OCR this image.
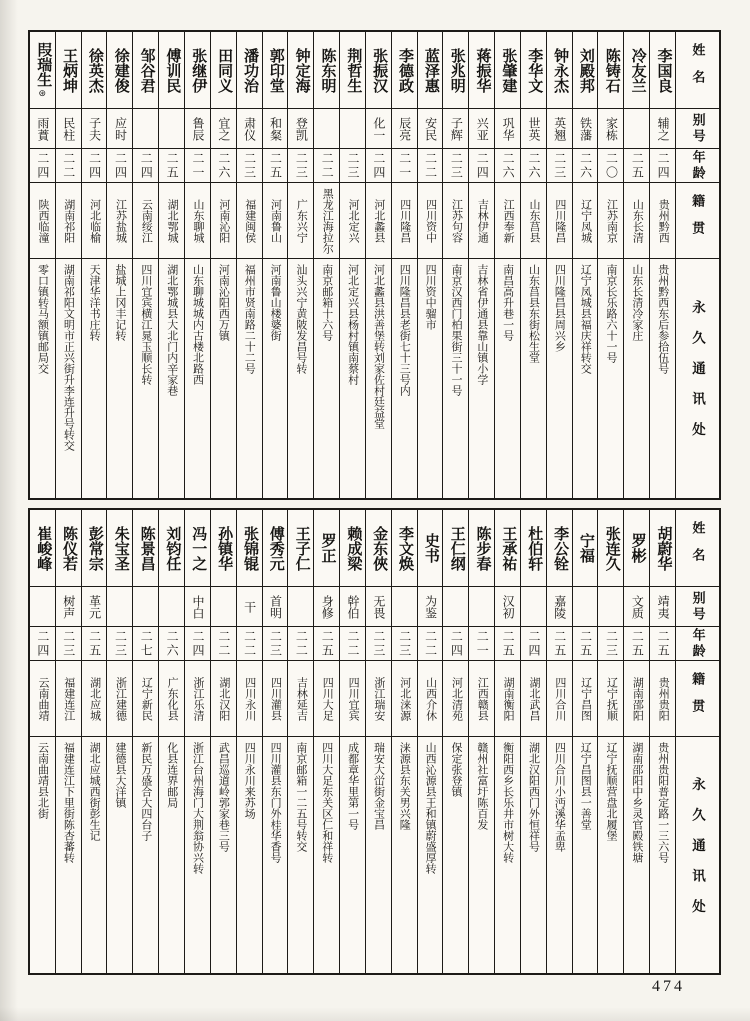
姓名
别号
年龄
籍贯
永久通讯处
李国良
辅之
二四
贵州黔西
贵州黔西东后参拾伍号
冷友兰
二五
山东长清
山东长清冷家庄
陈铸石
家栋
二〇
江苏南京
南京长乐路六十一号
刘殿邦
铁藩
二六
辽宁凤城
辽宁凤城县福庆祥转交
钟永杰
英翘
二三
四川隆昌
四川隆昌县周兴乡
李华文
世英
二六
山东莒县
山东莒县东街松生堂
张肇建
巩华
二六
江西奉新
南昌高升巷一号
蒋振华
兴亚
二四
吉林伊通
吉林省伊通县靠山镇小学
张兆明
子辉
二三
江苏句容
南京汉西门柏果街三十一号
蓝泽惠
安民
二二
四川资中
四川资中骝市
李德政
辰亮
二一
四川隆昌
四川隆昌县老街七十三号内
张振汉
化一
二四
河北蠡县
河北蠡县洪善堡转刘家佐村廷益堂
荆哲生
二三
河北定兴
河北定兴县杨村镇南蔡村
陈东明
二二
黑龙江海拉尔
南京邮箱十六号
钟定海
登凯
二三
广东兴宁
汕头兴宁黄陂发昌号转
郭印堂
和粲
二五
河南鲁山
河南鲁山楼婆街
潘功治
肃仪
二三
福建闽侯
福州市贤南路二十二号
田同义
宜之
二六
河南沁阳
河南沁阳西万镇
张继伊
鲁辰
二一
山东聊城
山东聊城城内古楼北路西
傅训民
二五
湖北鄂城
湖北鄂城县大北门内辛家巷
邹谷君
二四
云南绥江
四川宜宾横江晁玉顺长转
徐建俊
应时
二四
江苏盐城
盐城上冈丰记转
徐英杰
子夫
二四
河北临榆
天津华洋书庄转
王炳坤
民柱
二二
湖南祁阳
湖南祁阳文明市正兴街升李连升号转交
叚瑞生
⊛
雨蕡
二四
陕西临潼
零口镇转马额镇邮局交
姓名
别号
年龄
籍贯
永久通讯处
胡蔚华
靖夷
二五
贵州贵阳
贵州贵阳普定路一三六号
罗彬
文质
二五
湖南邵阳
湖南邵阳中乡灵官殿铁塘
张连久
二三
辽宁抚顺
辽宁抚顺营盘北履堡
宁福
二五
辽宁昌图
辽宁昌图县一善堂
李公铨
嘉陵
二五
四川合川
四川合川小沔溪华孟卑
杜伯轩
二四
湖北武昌
湖北汉阳西门外恒祥号
王承祐
汉初
二五
湖南衡阳
衡阳西乡长乐井市树大转
陈步春
二一
江西赣县
赣州社富圩陈百发
王仁纲
二四
河北清苑
保定张登镇
史书
为鉴
二二
山西介休
山西沁源县王和镇蔚盛厚转
李文焕
二三
河北涞源
涞源县东关男兴隆
金东俠
无畏
二三
浙江瑞安
瑞安大峃街金宝昌
赖成梁
幹伯
二二
四川宜宾
成都章华里第一号
罗正
身修
二五
四川大足
四川大足东关区仁和祥转
王子仁
二二
吉林延吉
南京邮箱一二五号转交
傅秀元
首明
二三
四川灌县
四川灌县东门外桂华香号
张锦锟
干
二二
四川永川
四川永川来苏场
孙镇华
二二
湖北汉阳
武昌巡道岭郭家巷三号
冯一之
中白
二四
浙江乐清
浙江台州海门大荆翁协兴转
刘钧任
二六
广东化县
化县连界邮局
陈景昌
二七
辽宁新民
新民万盛合大四台子
朱宝圣
二三
浙江建德
建德县大洋镇
彭常宗
革元
二五
湖北应城
湖北应城西街彭生记
陈仪若
树声
二三
福建连江
福建连江下里街陈杏蕃转
崔峻峰
二四
云南曲靖
云南曲靖县北街
474
